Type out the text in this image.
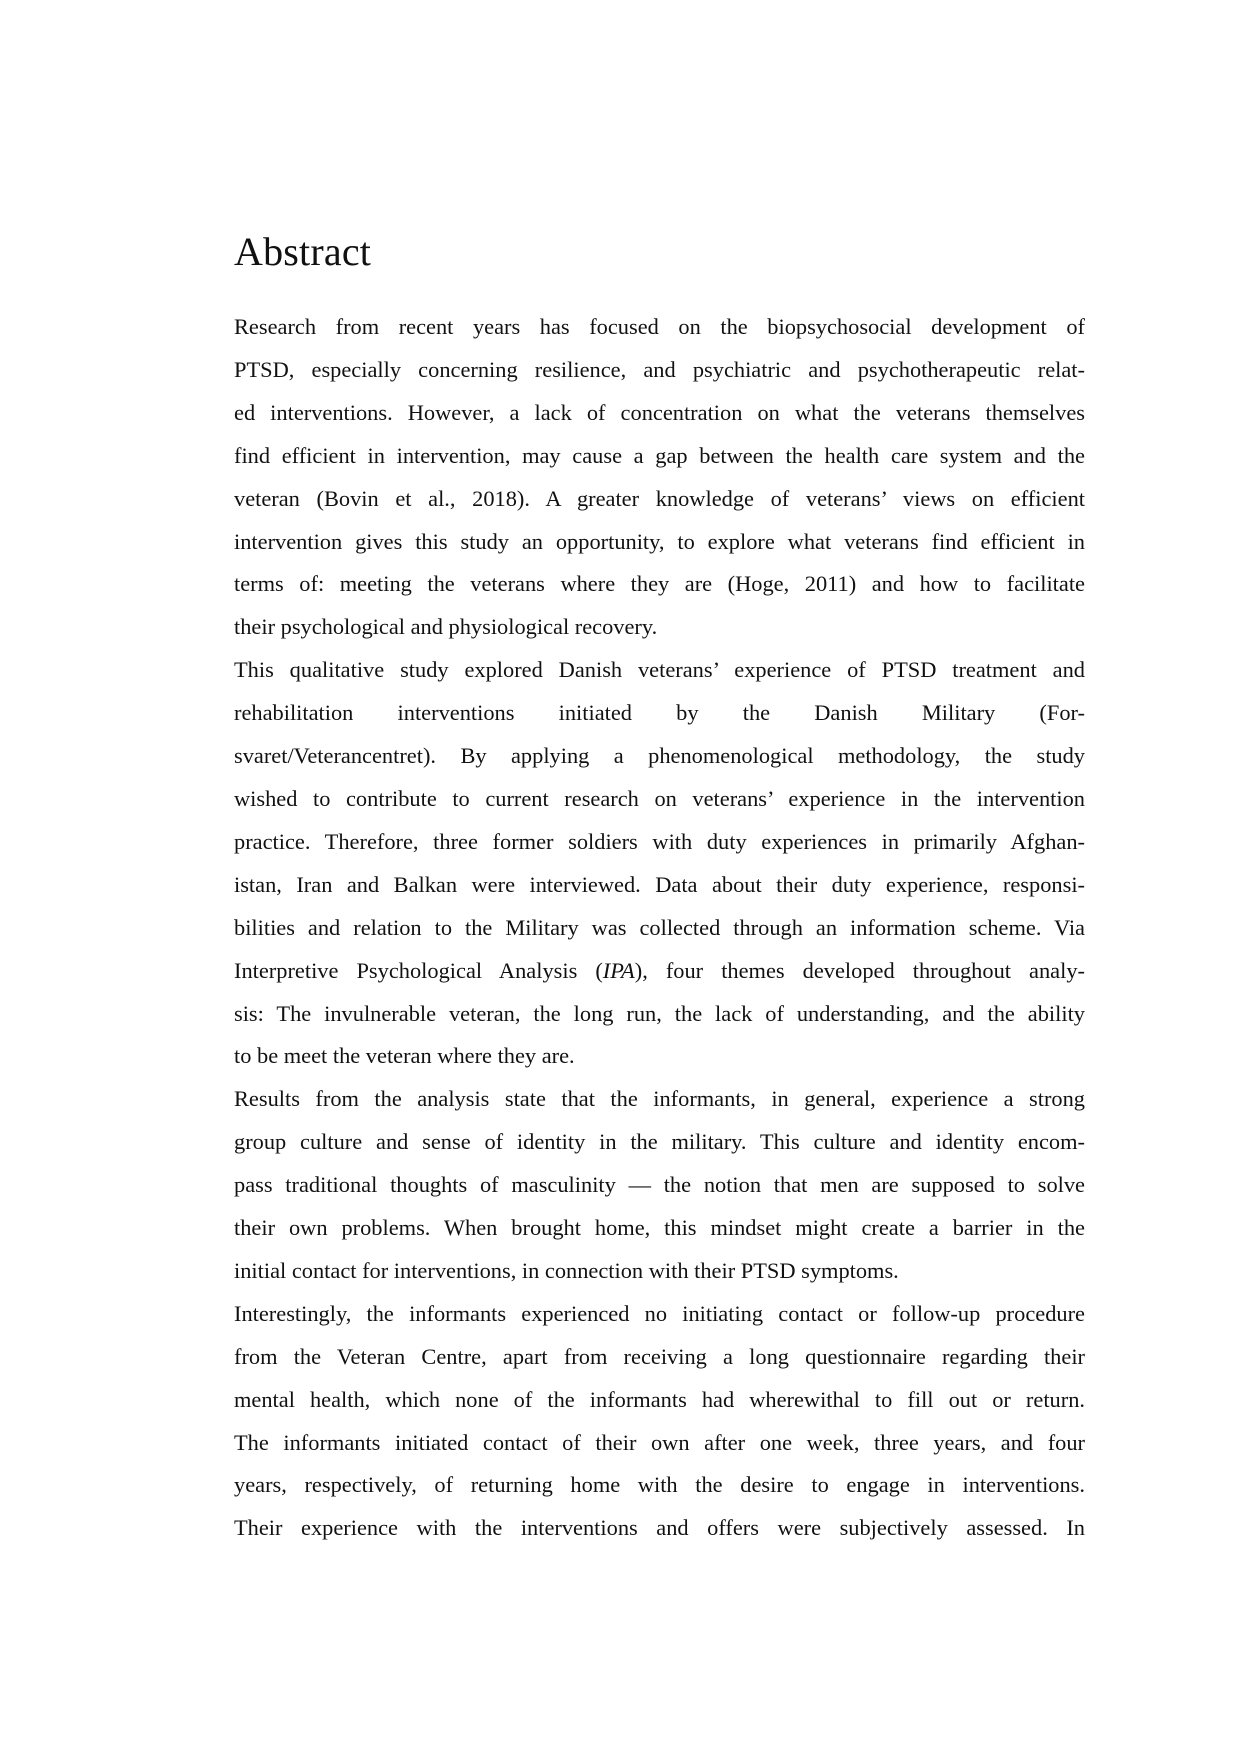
Abstract

Research from recent years has focused on the biopsychosocial development of
PTSD, especially concerning resilience, and psychiatric and psychotherapeutic relat-
ed interventions. However, a lack of concentration on what the veterans themselves
find efficient in intervention, may cause a gap between the health care system and the
veteran (Bovin et al., 2018). A greater knowledge of veterans’ views on efficient
intervention gives this study an opportunity, to explore what veterans find efficient in
terms of: meeting the veterans where they are (Hoge, 2011) and how to facilitate
their psychological and physiological recovery.

This qualitative study explored Danish veterans’ experience of PTSD treatment and
rehabilitation interventions initiated by the Danish Military (For-
svaret/Veterancentret). By applying a phenomenological methodology, the study
wished to contribute to current research on veterans’ experience in the intervention
practice. Therefore, three former soldiers with duty experiences in primarily Afghan-
istan, Iran and Balkan were interviewed. Data about their duty experience, responsi-
bilities and relation to the Military was collected through an information scheme. Via
Interpretive Psychological Analysis (IPA), four themes developed throughout analy-
sis: The invulnerable veteran, the long run, the lack of understanding, and the ability
to be meet the veteran where they are.

Results from the analysis state that the informants, in general, experience a strong
group culture and sense of identity in the military. This culture and identity encom-
pass traditional thoughts of masculinity — the notion that men are supposed to solve
their own problems. When brought home, this mindset might create a barrier in the
initial contact for interventions, in connection with their PTSD symptoms.

Interestingly, the informants experienced no initiating contact or follow-up procedure
from the Veteran Centre, apart from receiving a long questionnaire regarding their
mental health, which none of the informants had wherewithal to fill out or return.
The informants initiated contact of their own after one week, three years, and four
years, respectively, of returning home with the desire to engage in interventions.
Their experience with the interventions and offers were subjectively assessed. In
